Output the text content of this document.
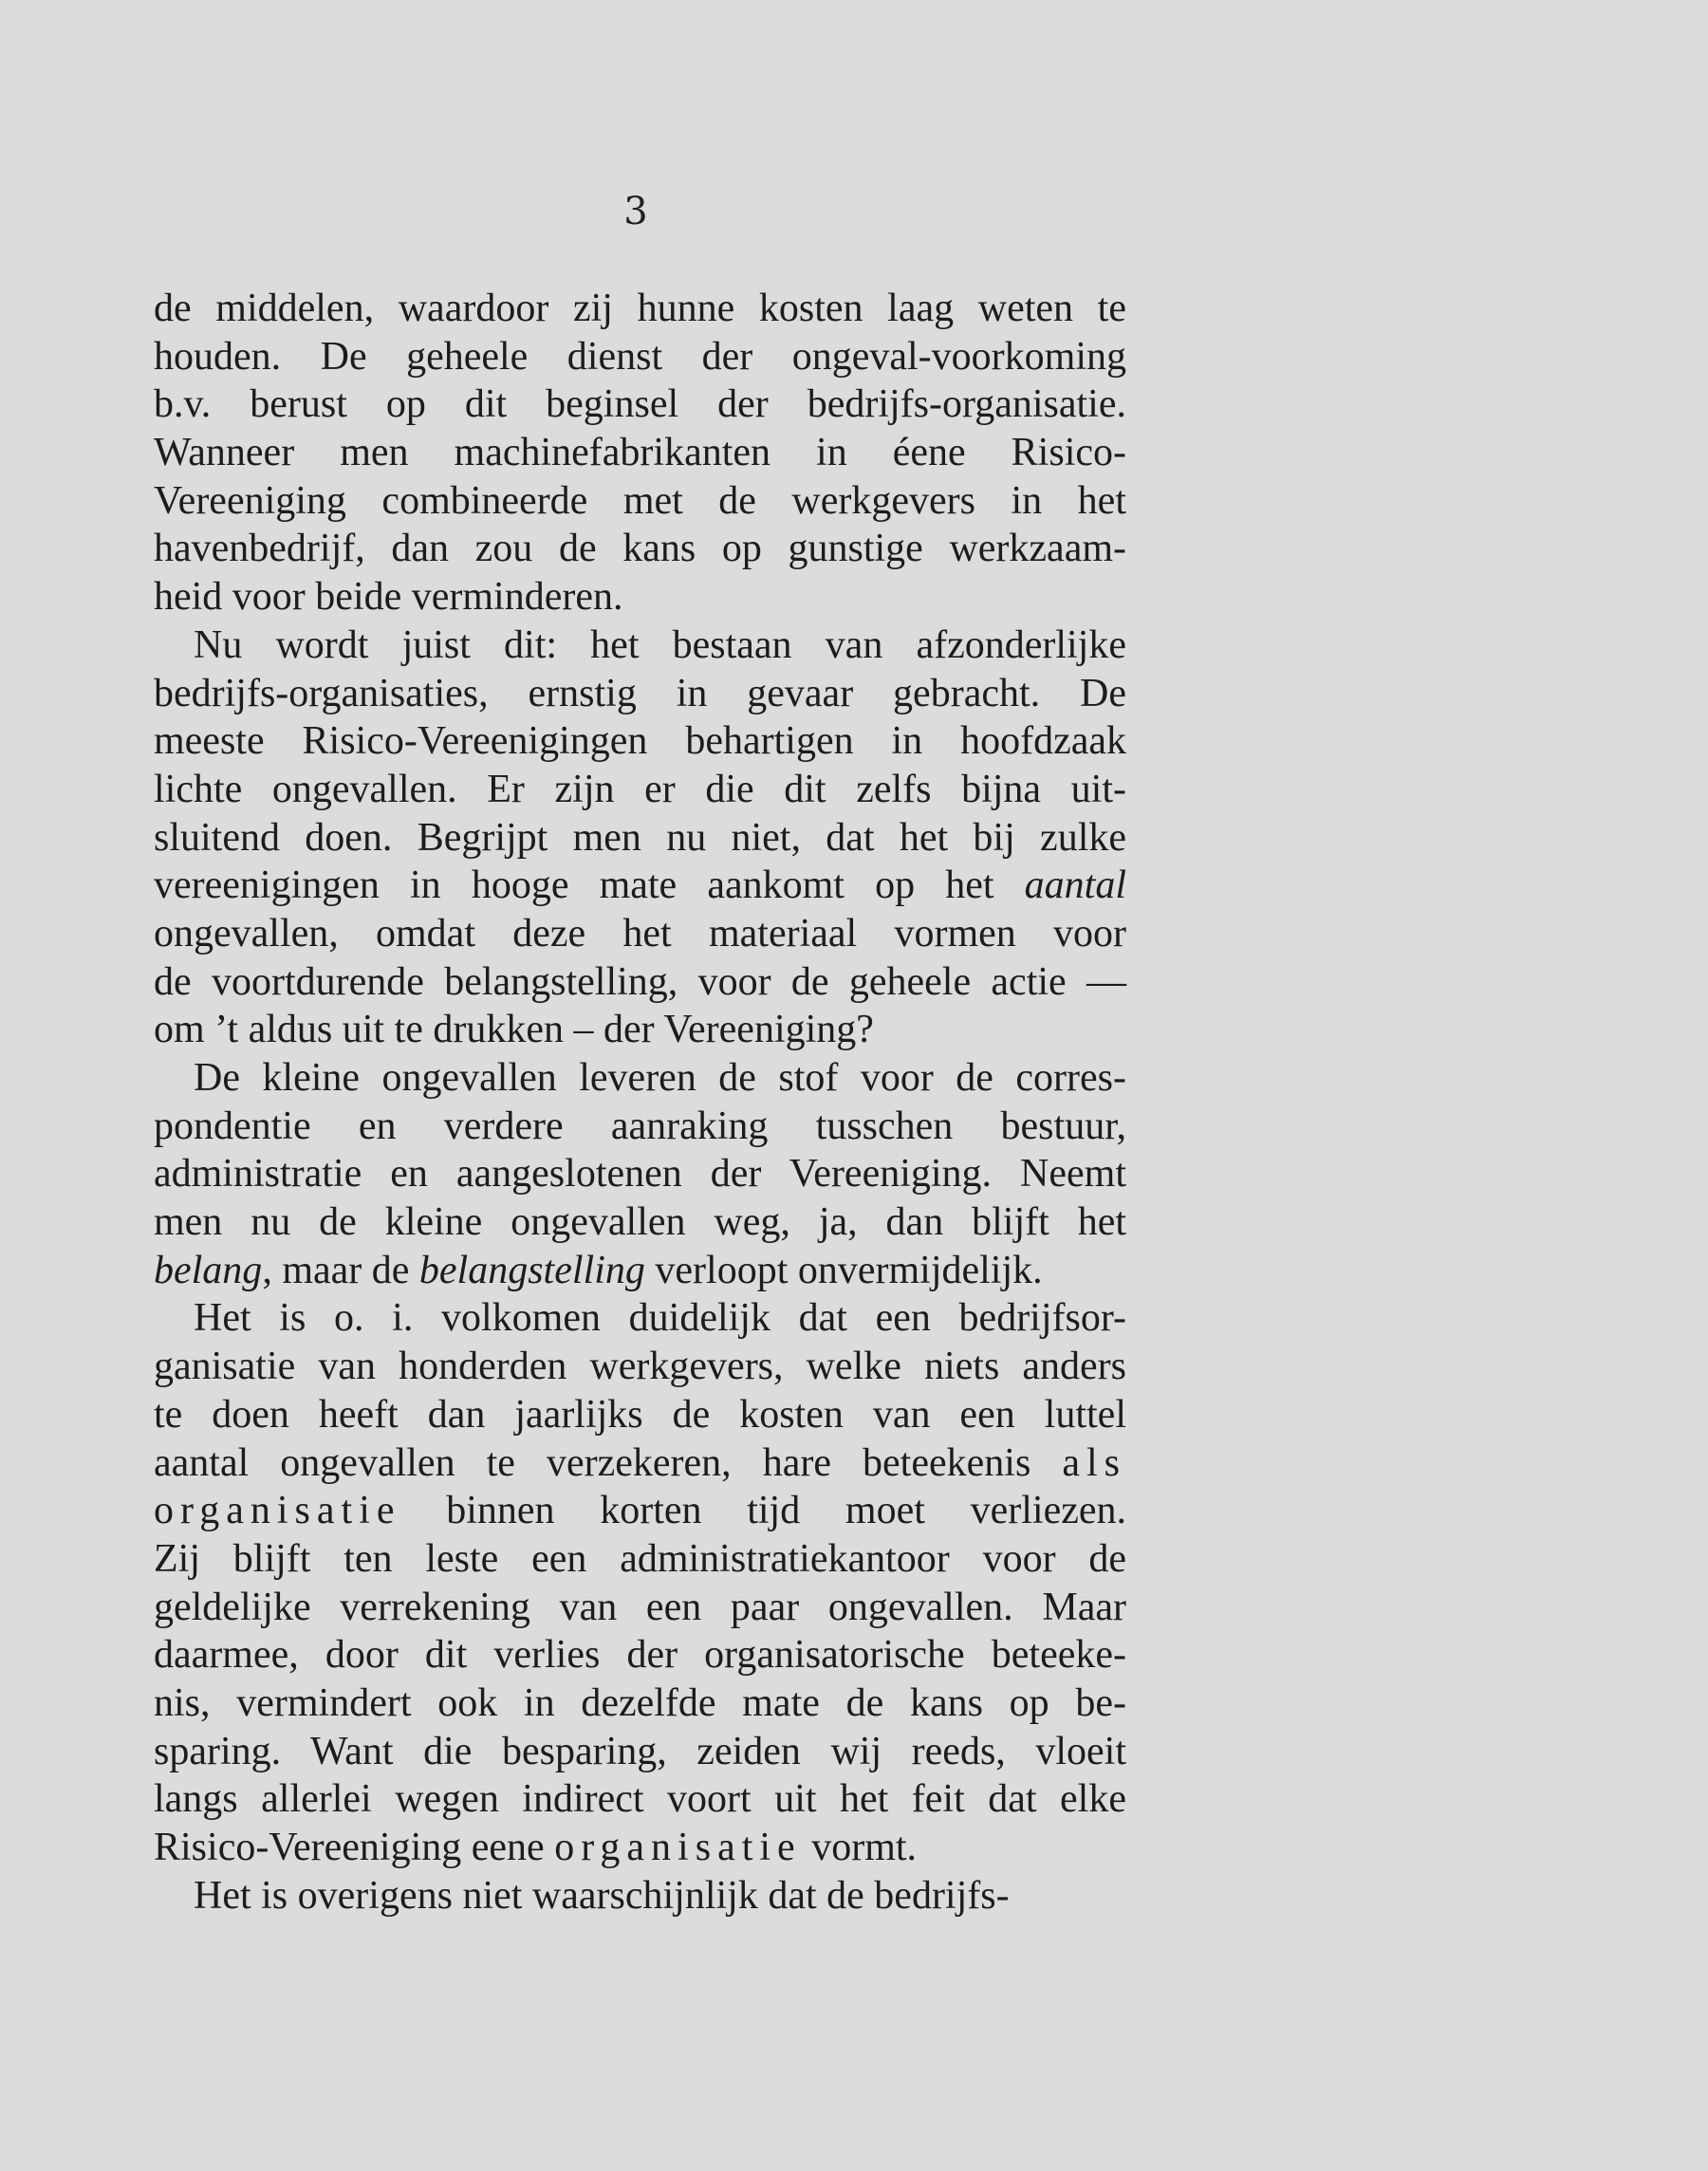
3
de middelen, waardoor zij hunne kosten laag weten te
houden. De geheele dienst der ongeval-voorkoming
b.v. berust op dit beginsel der bedrijfs-organisatie.
Wanneer men machinefabrikanten in éene Risico-
Vereeniging combineerde met de werkgevers in het
havenbedrijf, dan zou de kans op gunstige werkzaam-
heid voor beide verminderen.
Nu wordt juist dit: het bestaan van afzonderlijke
bedrijfs-organisaties, ernstig in gevaar gebracht. De
meeste Risico-Vereenigingen behartigen in hoofdzaak
lichte ongevallen. Er zijn er die dit zelfs bijna uit-
sluitend doen. Begrijpt men nu niet, dat het bij zulke
vereenigingen in hooge mate aankomt op het aantal
ongevallen, omdat deze het materiaal vormen voor
de voortdurende belangstelling, voor de geheele actie —
om ’t aldus uit te drukken – der Vereeniging?
De kleine ongevallen leveren de stof voor de corres-
pondentie en verdere aanraking tusschen bestuur,
administratie en aangeslotenen der Vereeniging. Neemt
men nu de kleine ongevallen weg, ja, dan blijft het
belang, maar de belangstelling verloopt onvermijdelijk.
Het is o. i. volkomen duidelijk dat een bedrijfsor-
ganisatie van honderden werkgevers, welke niets anders
te doen heeft dan jaarlijks de kosten van een luttel
aantal ongevallen te verzekeren, hare beteekenis als
organisatie binnen korten tijd moet verliezen.
Zij blijft ten leste een administratiekantoor voor de
geldelijke verrekening van een paar ongevallen. Maar
daarmee, door dit verlies der organisatorische beteeke-
nis, vermindert ook in dezelfde mate de kans op be-
sparing. Want die besparing, zeiden wij reeds, vloeit
langs allerlei wegen indirect voort uit het feit dat elke
Risico-Vereeniging eene organisatie vormt.
Het is overigens niet waarschijnlijk dat de bedrijfs-
